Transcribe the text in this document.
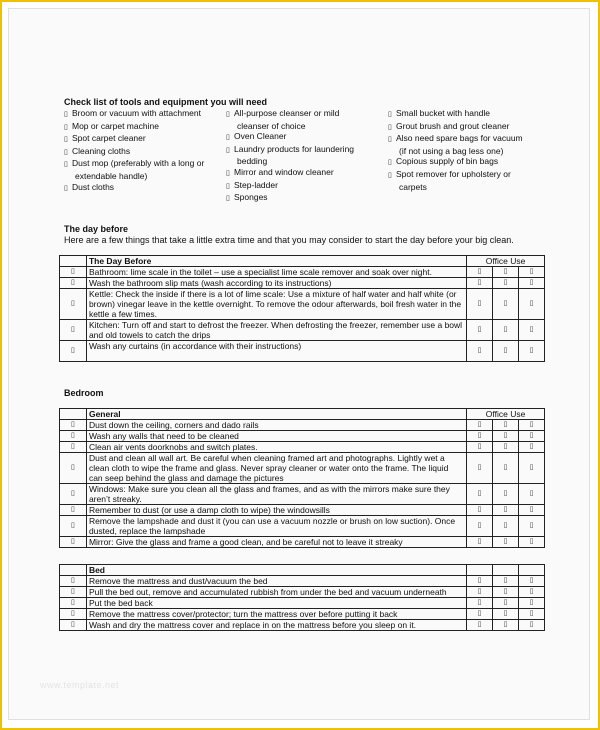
Check list of tools and equipment you will need
▯ Broom or vacuum with attachment
▯ Mop or carpet machine
▯ Spot carpet cleaner
▯ Cleaning cloths
▯ Dust mop (preferably with a long or
extendable handle)
▯ Dust cloths
▯ All-purpose cleanser or mild
cleanser of choice
▯ Oven Cleaner
▯ Laundry products for laundering
bedding
▯ Mirror and window cleaner
▯ Step-ladder
▯ Sponges
▯ Small bucket with handle
▯ Grout brush and grout cleaner
▯ Also need spare bags for vacuum
(if not using a bag less one)
▯ Copious supply of bin bags
▯ Spot remover for upholstery or
carpets
The day before
Here are a few things that take a little extra time and that you may consider to start the day before your big clean.
	The Day Before	Office Use		
▯	Bathroom: lime scale in the toilet – use a specialist lime scale remover and soak over night.	▯	▯	▯
▯	Wash the bathroom slip mats (wash according to its instructions)	▯	▯	▯
▯	Kettle: Check the inside if there is a lot of lime scale: Use a mixture of half water and half white (or brown) vinegar leave in the kettle overnight. To remove the odour afterwards, boil fresh water in the kettle a few times.	▯	▯	▯
▯	Kitchen: Turn off and start to defrost the freezer. When defrosting the freezer, remember use a bowl and old towels to catch the drips	▯	▯	▯
▯	Wash any curtains (in accordance with their instructions)	▯	▯	▯
Bedroom
	General	Office Use		
▯	Dust down the ceiling, corners and dado rails	▯	▯	▯
▯	Wash any walls that need to be cleaned	▯	▯	▯
▯	Clean air vents doorknobs and switch plates.	▯	▯	▯
▯	Dust and clean all wall art. Be careful when cleaning framed art and photographs. Lightly wet a clean cloth to wipe the frame and glass. Never spray cleaner or water onto the frame. The liquid can seep behind the glass and damage the pictures	▯	▯	▯
▯	Windows: Make sure you clean all the glass and frames, and as with the mirrors make sure they aren’t streaky.	▯	▯	▯
▯	Remember to dust (or use a damp cloth to wipe) the windowsills	▯	▯	▯
▯	Remove the lampshade and dust it (you can use a vacuum nozzle or brush on low suction). Once dusted, replace the lampshade	▯	▯	▯
▯	Mirror: Give the glass and frame a good clean, and be careful not to leave it streaky	▯	▯	▯
	Bed			
▯	Remove the mattress and dust/vacuum the bed	▯	▯	▯
▯	Pull the bed out, remove and accumulated rubbish from under the bed and vacuum underneath	▯	▯	▯
▯	Put the bed back	▯	▯	▯
▯	Remove the mattress cover/protector; turn the mattress over before putting it back	▯	▯	▯
▯	Wash and dry the mattress cover and replace in on the mattress before you sleep on it.	▯	▯	▯
www.template.net
